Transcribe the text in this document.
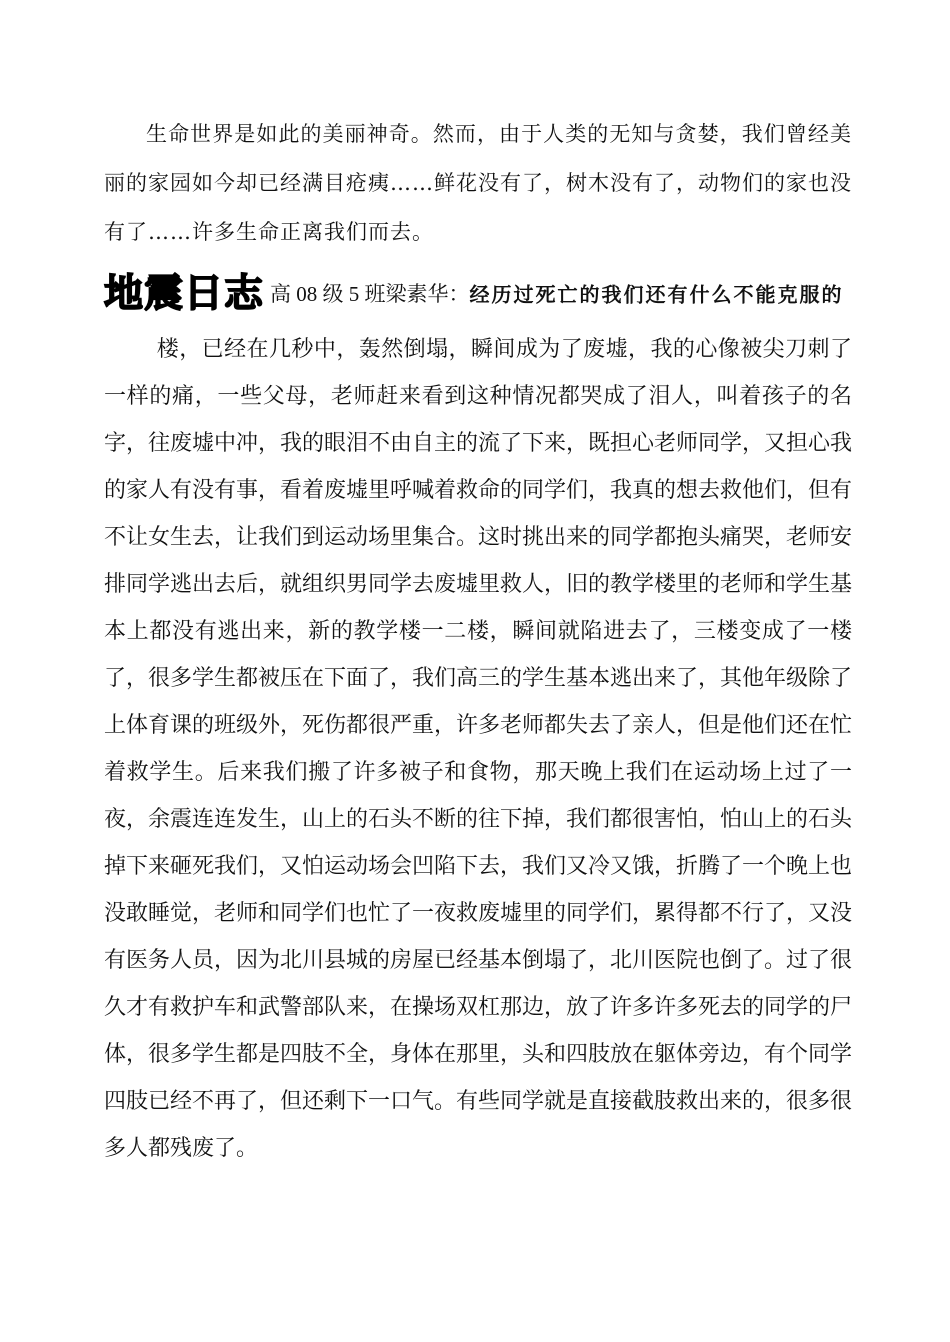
生命世界是如此的美丽神奇。然而，由于人类的无知与贪婪，我们曾经美丽的家园如今却已经满目疮痍……鲜花没有了，树木没有了，动物们的家也没有了……许多生命正离我们而去。

地震日志 高 08 级 5 班梁素华：经历过死亡的我们还有什么不能克服的

楼，已经在几秒中，轰然倒塌，瞬间成为了废墟，我的心像被尖刀刺了一样的痛，一些父母，老师赶来看到这种情况都哭成了泪人，叫着孩子的名字，往废墟中冲，我的眼泪不由自主的流了下来，既担心老师同学，又担心我的家人有没有事，看着废墟里呼喊着救命的同学们，我真的想去救他们，但有不让女生去，让我们到运动场里集合。这时挑出来的同学都抱头痛哭，老师安排同学逃出去后，就组织男同学去废墟里救人，旧的教学楼里的老师和学生基本上都没有逃出来，新的教学楼一二楼，瞬间就陷进去了，三楼变成了一楼了，很多学生都被压在下面了，我们高三的学生基本逃出来了，其他年级除了上体育课的班级外，死伤都很严重，许多老师都失去了亲人，但是他们还在忙着救学生。后来我们搬了许多被子和食物，那天晚上我们在运动场上过了一夜，余震连连发生，山上的石头不断的往下掉，我们都很害怕，怕山上的石头掉下来砸死我们，又怕运动场会凹陷下去，我们又冷又饿，折腾了一个晚上也没敢睡觉，老师和同学们也忙了一夜救废墟里的同学们，累得都不行了，又没有医务人员，因为北川县城的房屋已经基本倒塌了，北川医院也倒了。过了很久才有救护车和武警部队来，在操场双杠那边，放了许多许多死去的同学的尸体，很多学生都是四肢不全，身体在那里，头和四肢放在躯体旁边，有个同学四肢已经不再了，但还剩下一口气。有些同学就是直接截肢救出来的，很多很多人都残废了。
